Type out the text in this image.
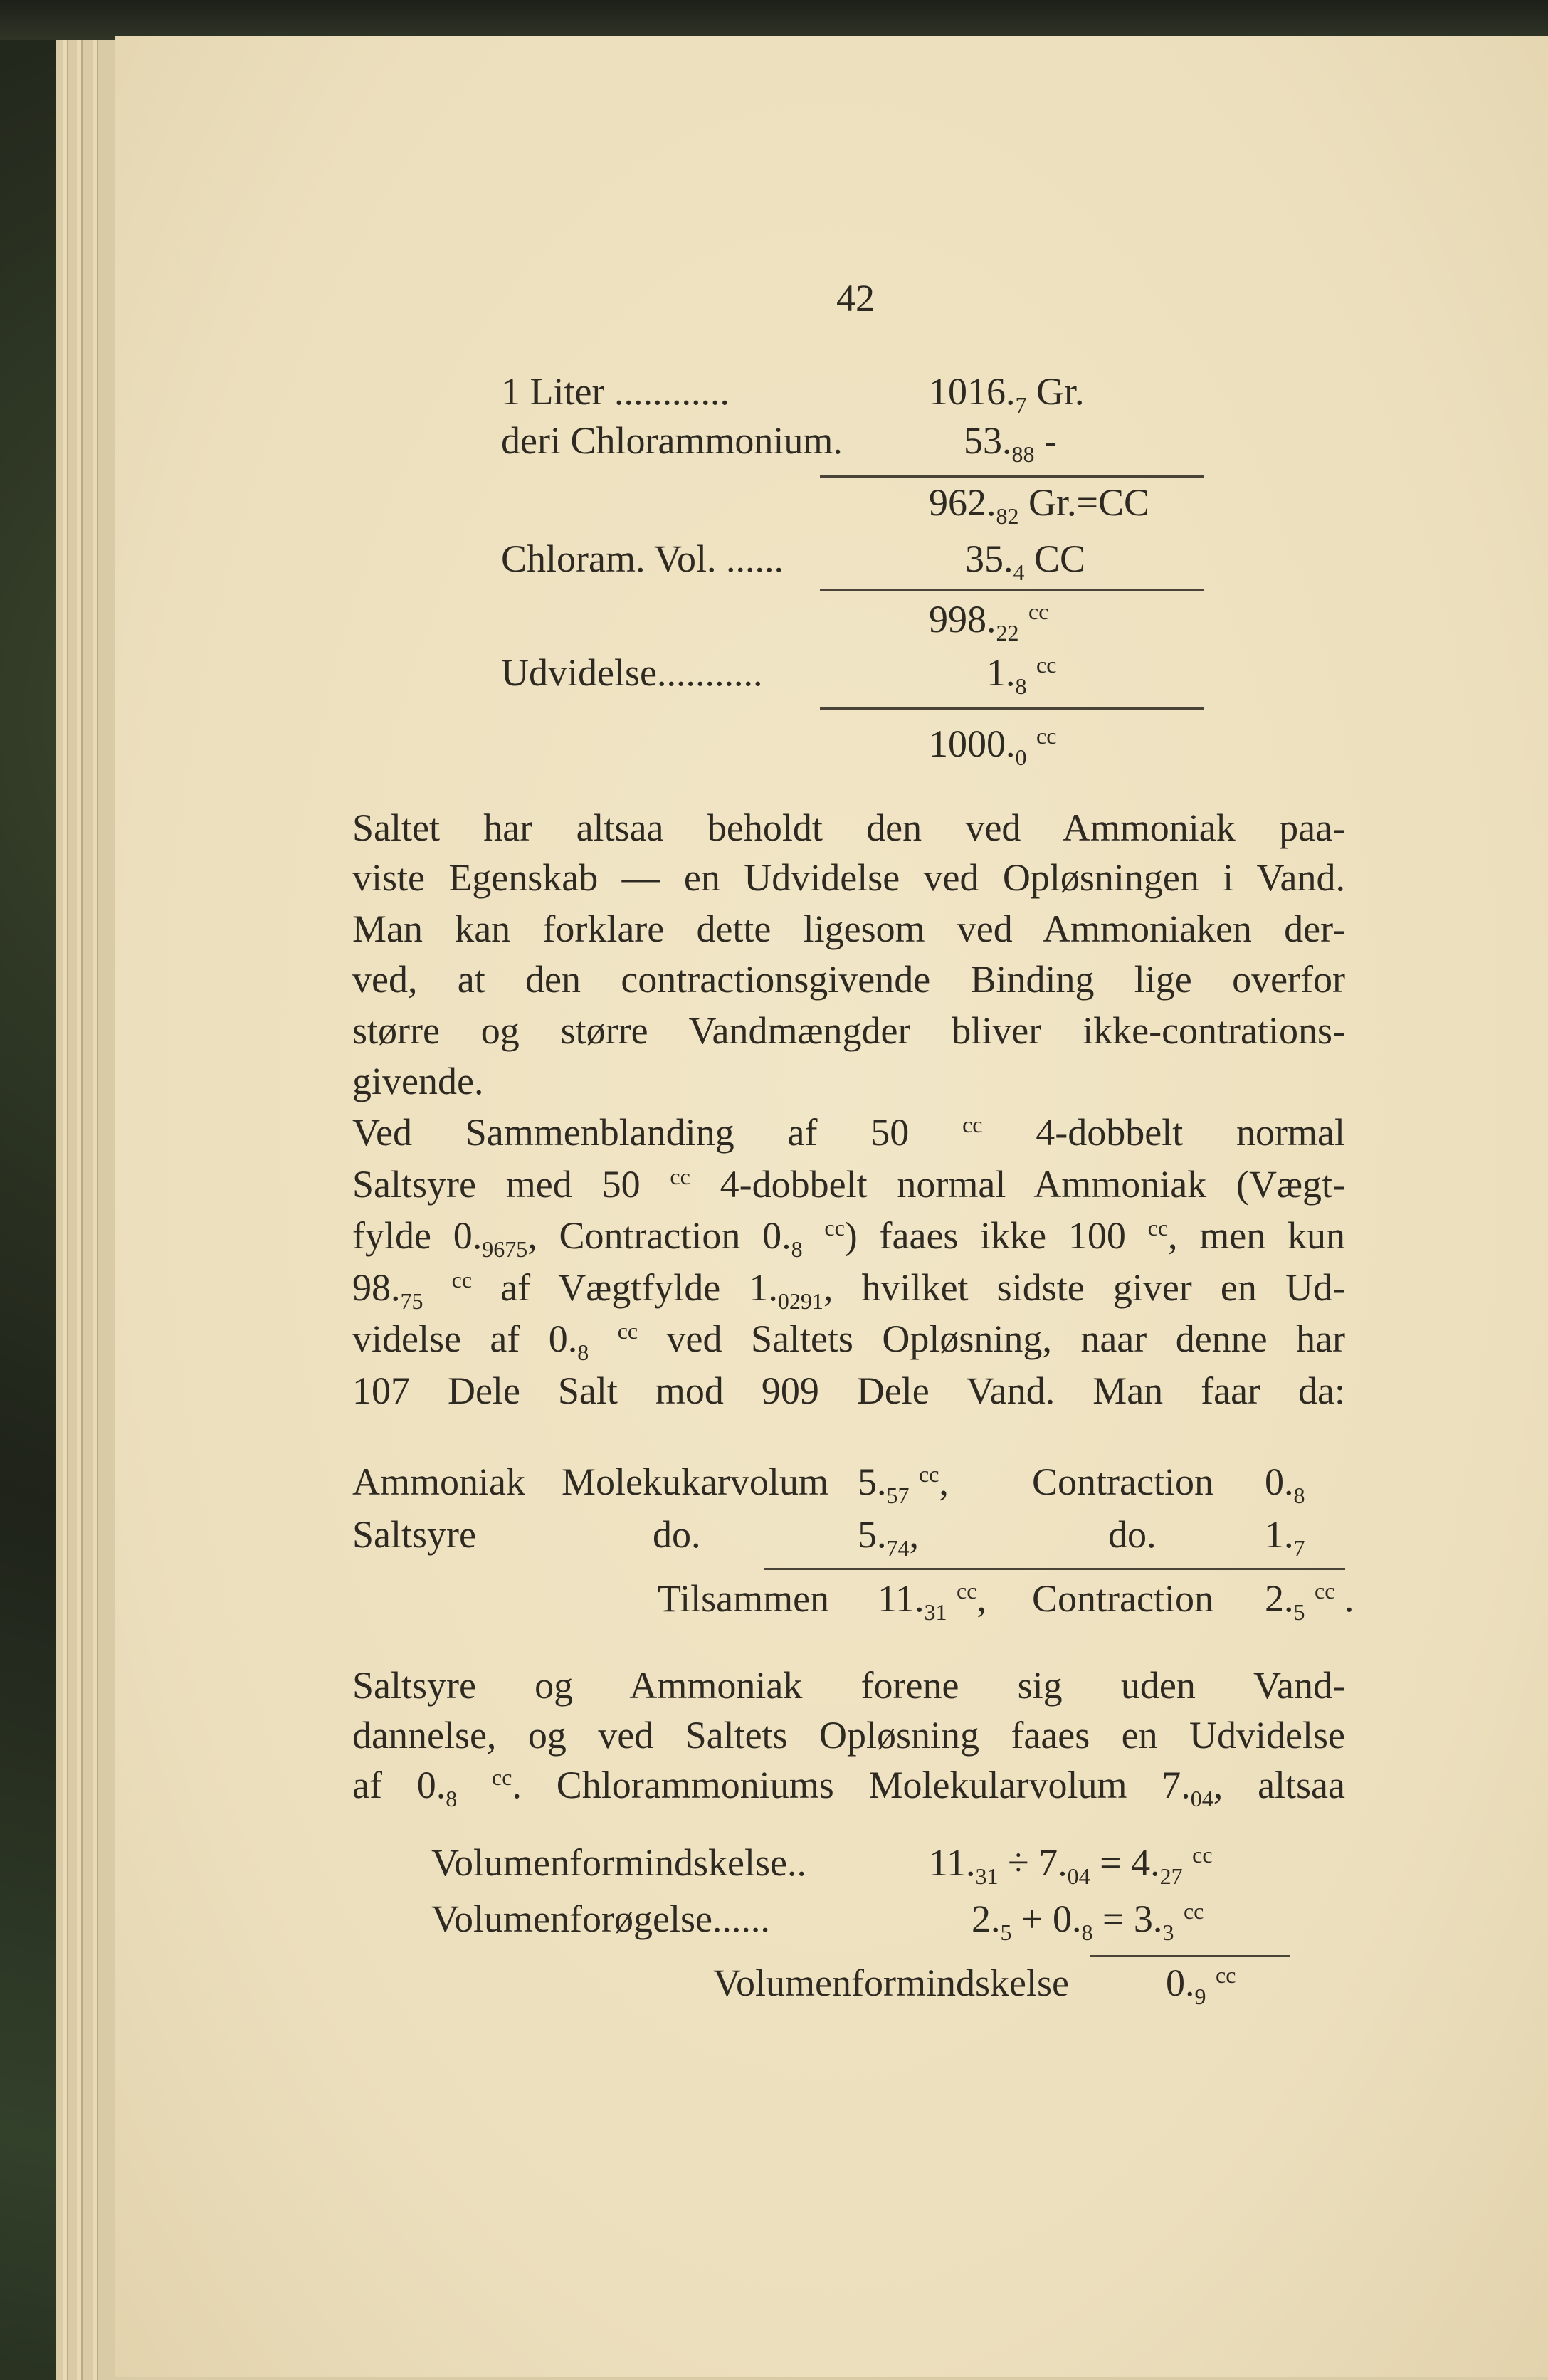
42
1 Liter ............	$1016._7$ Gr.
deri Chlorammonium.	$53._{88}$ -
$962._{82}$ Gr.=CC
Chloram. Vol. ......	$35._4$ CC
$998._{22}$ $^{cc}$
Udvidelse...........	$1._8$ $^{cc}$
$1000._0$ $^{cc}$
Saltet har altsaa beholdt den ved Ammoniak paa-
viste Egenskab — en Udvidelse ved Opløsningen i Vand.
Man kan forklare dette ligesom ved Ammoniaken der-
ved, at den contractionsgivende Binding lige overfor
større og større Vandmængder bliver ikke-contrations-
givende.
Ved Sammenblanding af 50 $^{cc}$ 4-dobbelt normal
Saltsyre med 50 $^{cc}$ 4-dobbelt normal Ammoniak (Vægt-
fylde $0._{9675}$, Contraction $0._8$ $^{cc}$) faaes ikke 100 $^{cc}$, men kun
$98._{75}$ $^{cc}$ af Vægtfylde $1._{0291}$, hvilket sidste giver en Ud-
videlse af $0._8$ $^{cc}$ ved Saltets Opløsning, naar denne har
107 Dele Salt mod 909 Dele Vand. Man faar da:
Ammoniak Molekukarvolum $5._{57}$ $^{cc}$, Contraction $0._8$
Saltsyre	do.	$5._{74}$,	do.	$1._7$
Tilsammen $11._{31}$ $^{cc}$, Contraction $2._5$ $^{cc}$ .
Saltsyre og Ammoniak forene sig uden Vand-
dannelse, og ved Saltets Opløsning faaes en Udvidelse
af $0._8$ $^{cc}$. Chlorammoniums Molekularvolum $7._{04}$, altsaa
Volumenformindskelse..	$11._{31} \div 7._{04} = 4._{27}$ $^{cc}$
Volumenforøgelse......	$2._5 + 0._8 = 3._3$ $^{cc}$
Volumenformindskelse	$0._9$ $^{cc}$
